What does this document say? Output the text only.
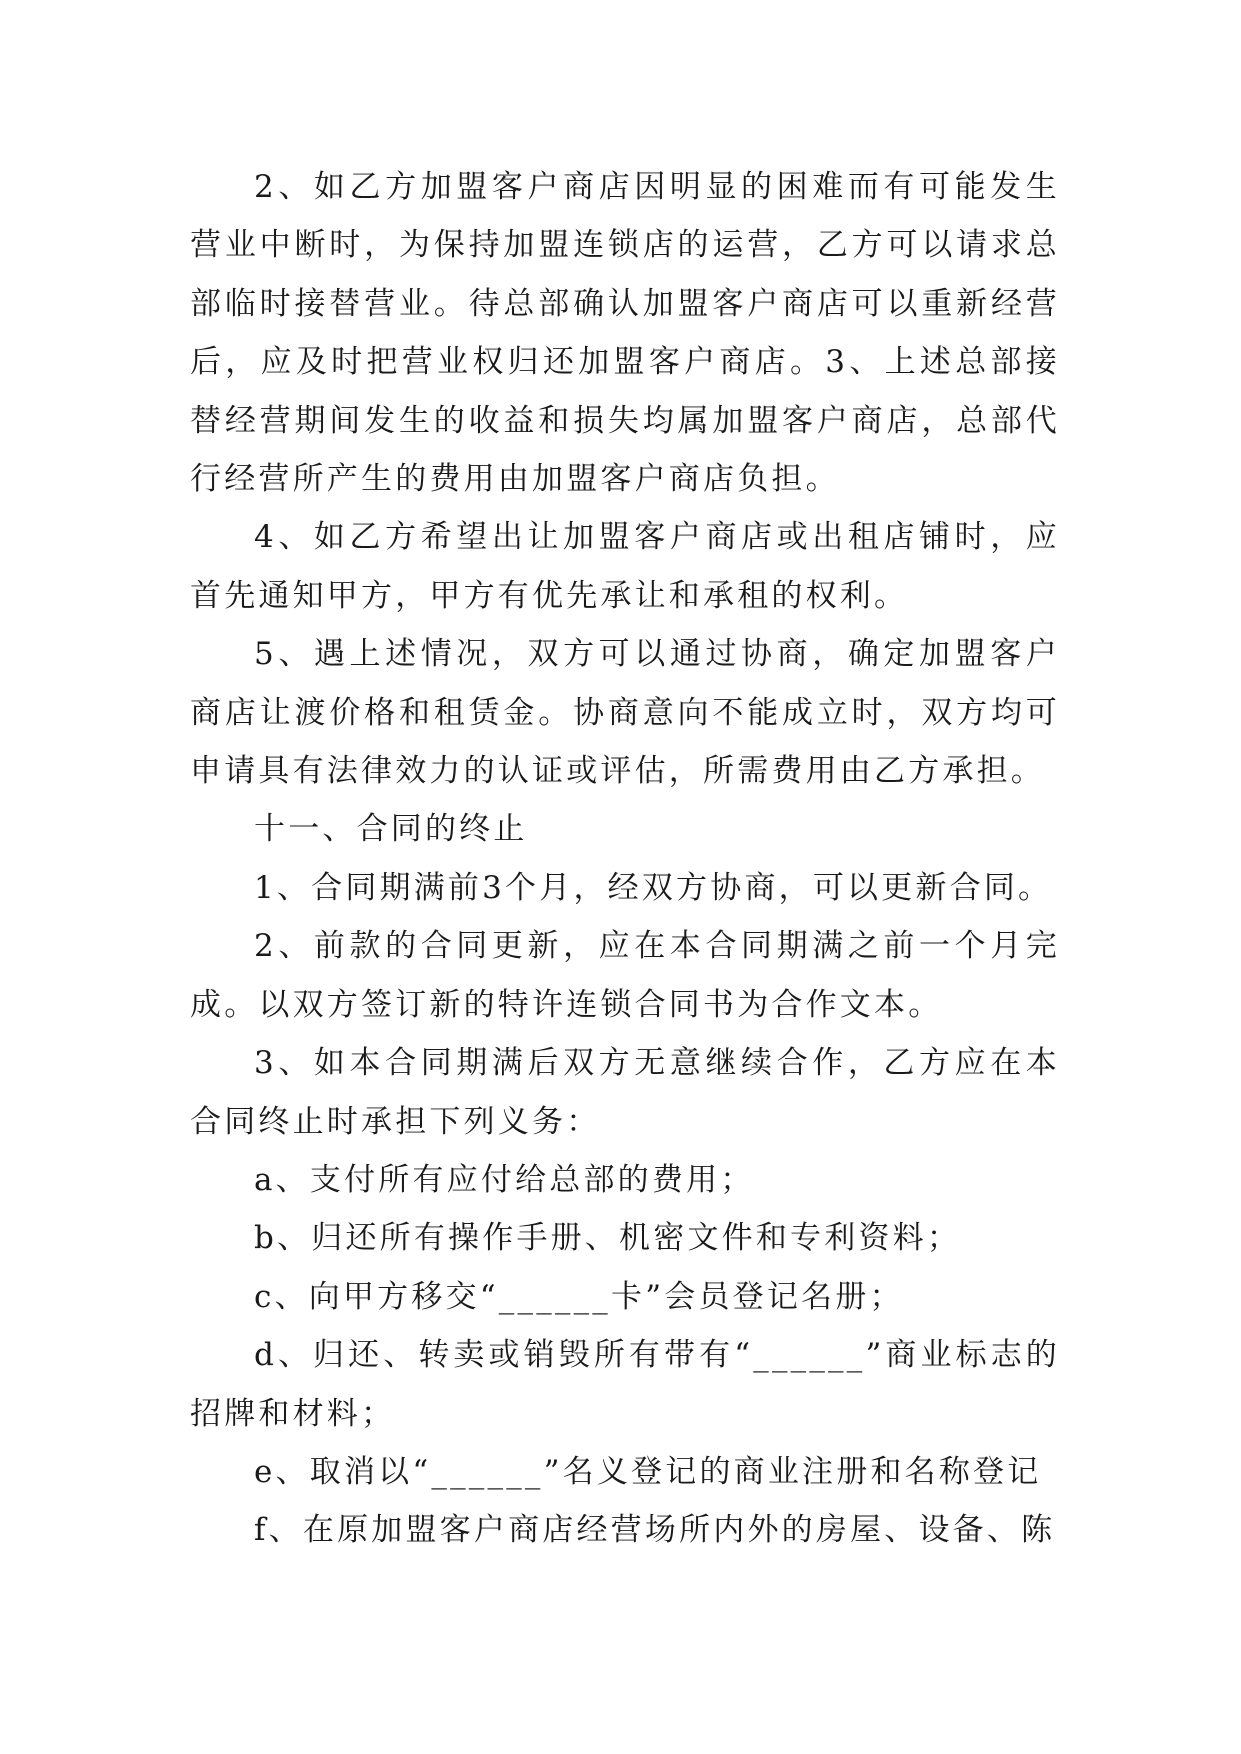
2、如乙方加盟客户商店因明显的困难而有可能发生营业中断时，为保持加盟连锁店的运营，乙方可以请求总部临时接替营业。待总部确认加盟客户商店可以重新经营后，应及时把营业权归还加盟客户商店。3、上述总部接替经营期间发生的收益和损失均属加盟客户商店，总部代行经营所产生的费用由加盟客户商店负担。

4、如乙方希望出让加盟客户商店或出租店铺时，应首先通知甲方，甲方有优先承让和承租的权利。

5、遇上述情况，双方可以通过协商，确定加盟客户商店让渡价格和租赁金。协商意向不能成立时，双方均可申请具有法律效力的认证或评估，所需费用由乙方承担。

十一、合同的终止

1、合同期满前3个月，经双方协商，可以更新合同。

2、前款的合同更新，应在本合同期满之前一个月完成。以双方签订新的特许连锁合同书为合作文本。

3、如本合同期满后双方无意继续合作，乙方应在本合同终止时承担下列义务：

a、支付所有应付给总部的费用；

b、归还所有操作手册、机密文件和专利资料；

c、向甲方移交“______卡”会员登记名册；

d、归还、转卖或销毁所有带有“______”商业标志的招牌和材料；

e、取消以“______”名义登记的商业注册和名称登记

f、在原加盟客户商店经营场所内外的房屋、设备、陈
